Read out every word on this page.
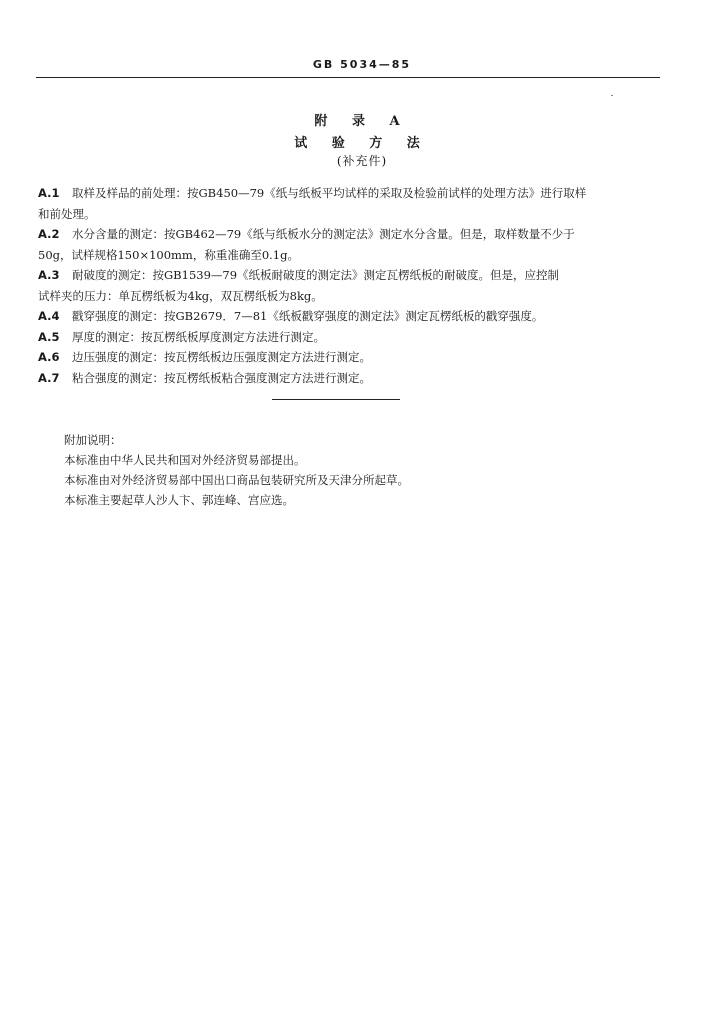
GB 5034—85
附 录 A
试 验 方 法
(补充件)

A.1 取样及样品的前处理：按GB450—79《纸与纸板平均试样的采取及检验前试样的处理方法》进行取样

和前处理。

A.2 水分含量的测定：按GB462—79《纸与纸板水分的测定法》测定水分含量。但是，取样数量不少于

50g，试样规格150×100mm，称重准确至0.1g。

A.3 耐破度的测定：按GB1539—79《纸板耐破度的测定法》测定瓦楞纸板的耐破度。但是，应控制

试样夹的压力：单瓦楞纸板为4kg，双瓦楞纸板为8kg。

A.4 戳穿强度的测定：按GB2679．7—81《纸板戳穿强度的测定法》测定瓦楞纸板的戳穿强度。

A.5 厚度的测定：按瓦楞纸板厚度测定方法进行测定。

A.6 边压强度的测定：按瓦楞纸板边压强度测定方法进行测定。

A.7 粘合强度的测定：按瓦楞纸板粘合强度测定方法进行测定。

附加说明：

本标准由中华人民共和国对外经济贸易部提出。

本标准由对外经济贸易部中国出口商品包装研究所及天津分所起草。

本标准主要起草人沙人卞、郭连峰、宫应选。
